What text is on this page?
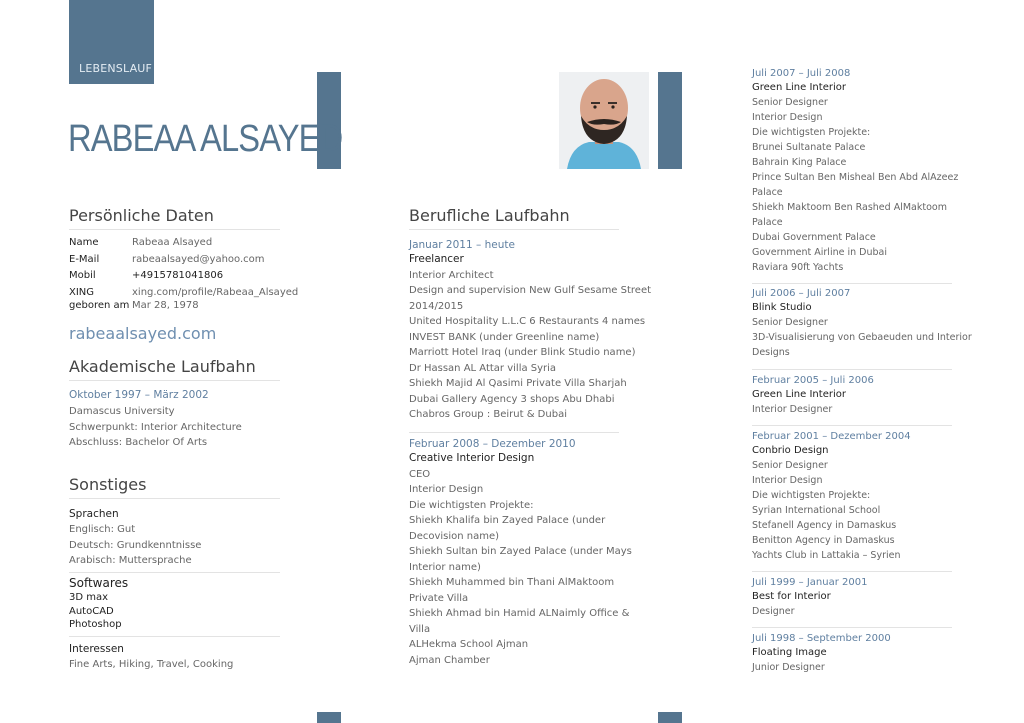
LEBENSLAUF
RABEAA ALSAYED
Persönliche Daten
Name	Rabeaa Alsayed
E-Mail	rabeaalsayed@yahoo.com
Mobil	+4915781041806
XING	xing.com/profile/Rabeaa_Alsayed
geboren am Mar 28, 1978
rabeaalsayed.com
Akademische Laufbahn
Oktober 1997 – März 2002
Damascus University
Schwerpunkt: Interior Architecture
Abschluss: Bachelor Of Arts
Sonstiges
Sprachen
Englisch: Gut
Deutsch: Grundkenntnisse
Arabisch: Muttersprache
Softwares
3D max
AutoCAD
Photoshop
Interessen
Fine Arts, Hiking, Travel, Cooking
Berufliche Laufbahn
Januar 2011 – heute
Freelancer
Interior Architect
Design and supervision New Gulf Sesame Street
2014/2015
United Hospitality L.L.C 6 Restaurants 4 names
INVEST BANK (under Greenline name)
Marriott Hotel Iraq (under Blink Studio name)
Dr Hassan AL Attar villa Syria
Shiekh Majid Al Qasimi Private Villa Sharjah
Dubai Gallery Agency 3 shops Abu Dhabi
Chabros Group : Beirut & Dubai
Februar 2008 – Dezember 2010
Creative Interior Design
CEO
Interior Design
Die wichtigsten Projekte:
Shiekh Khalifa bin Zayed Palace (under
Decovision name)
Shiekh Sultan bin Zayed Palace (under Mays
Interior name)
Shiekh Muhammed bin Thani AlMaktoom
Private Villa
Shiekh Ahmad bin Hamid ALNaimly Office &
Villa
ALHekma School Ajman
Ajman Chamber
Juli 2007 – Juli 2008
Green Line Interior
Senior Designer
Interior Design
Die wichtigsten Projekte:
Brunei Sultanate Palace
Bahrain King Palace
Prince Sultan Ben Misheal Ben Abd AlAzeez
Palace
Shiekh Maktoom Ben Rashed AlMaktoom
Palace
Dubai Government Palace
Government Airline in Dubai
Raviara 90ft Yachts
Juli 2006 – Juli 2007
Blink Studio
Senior Designer
3D-Visualisierung von Gebaeuden und Interior
Designs
Februar 2005 – Juli 2006
Green Line Interior
Interior Designer
Februar 2001 – Dezember 2004
Conbrio Design
Senior Designer
Interior Design
Die wichtigsten Projekte:
Syrian International School
Stefanell Agency in Damaskus
Benitton Agency in Damaskus
Yachts Club in Lattakia – Syrien
Juli 1999 – Januar 2001
Best for Interior
Designer
Juli 1998 – September 2000
Floating Image
Junior Designer
